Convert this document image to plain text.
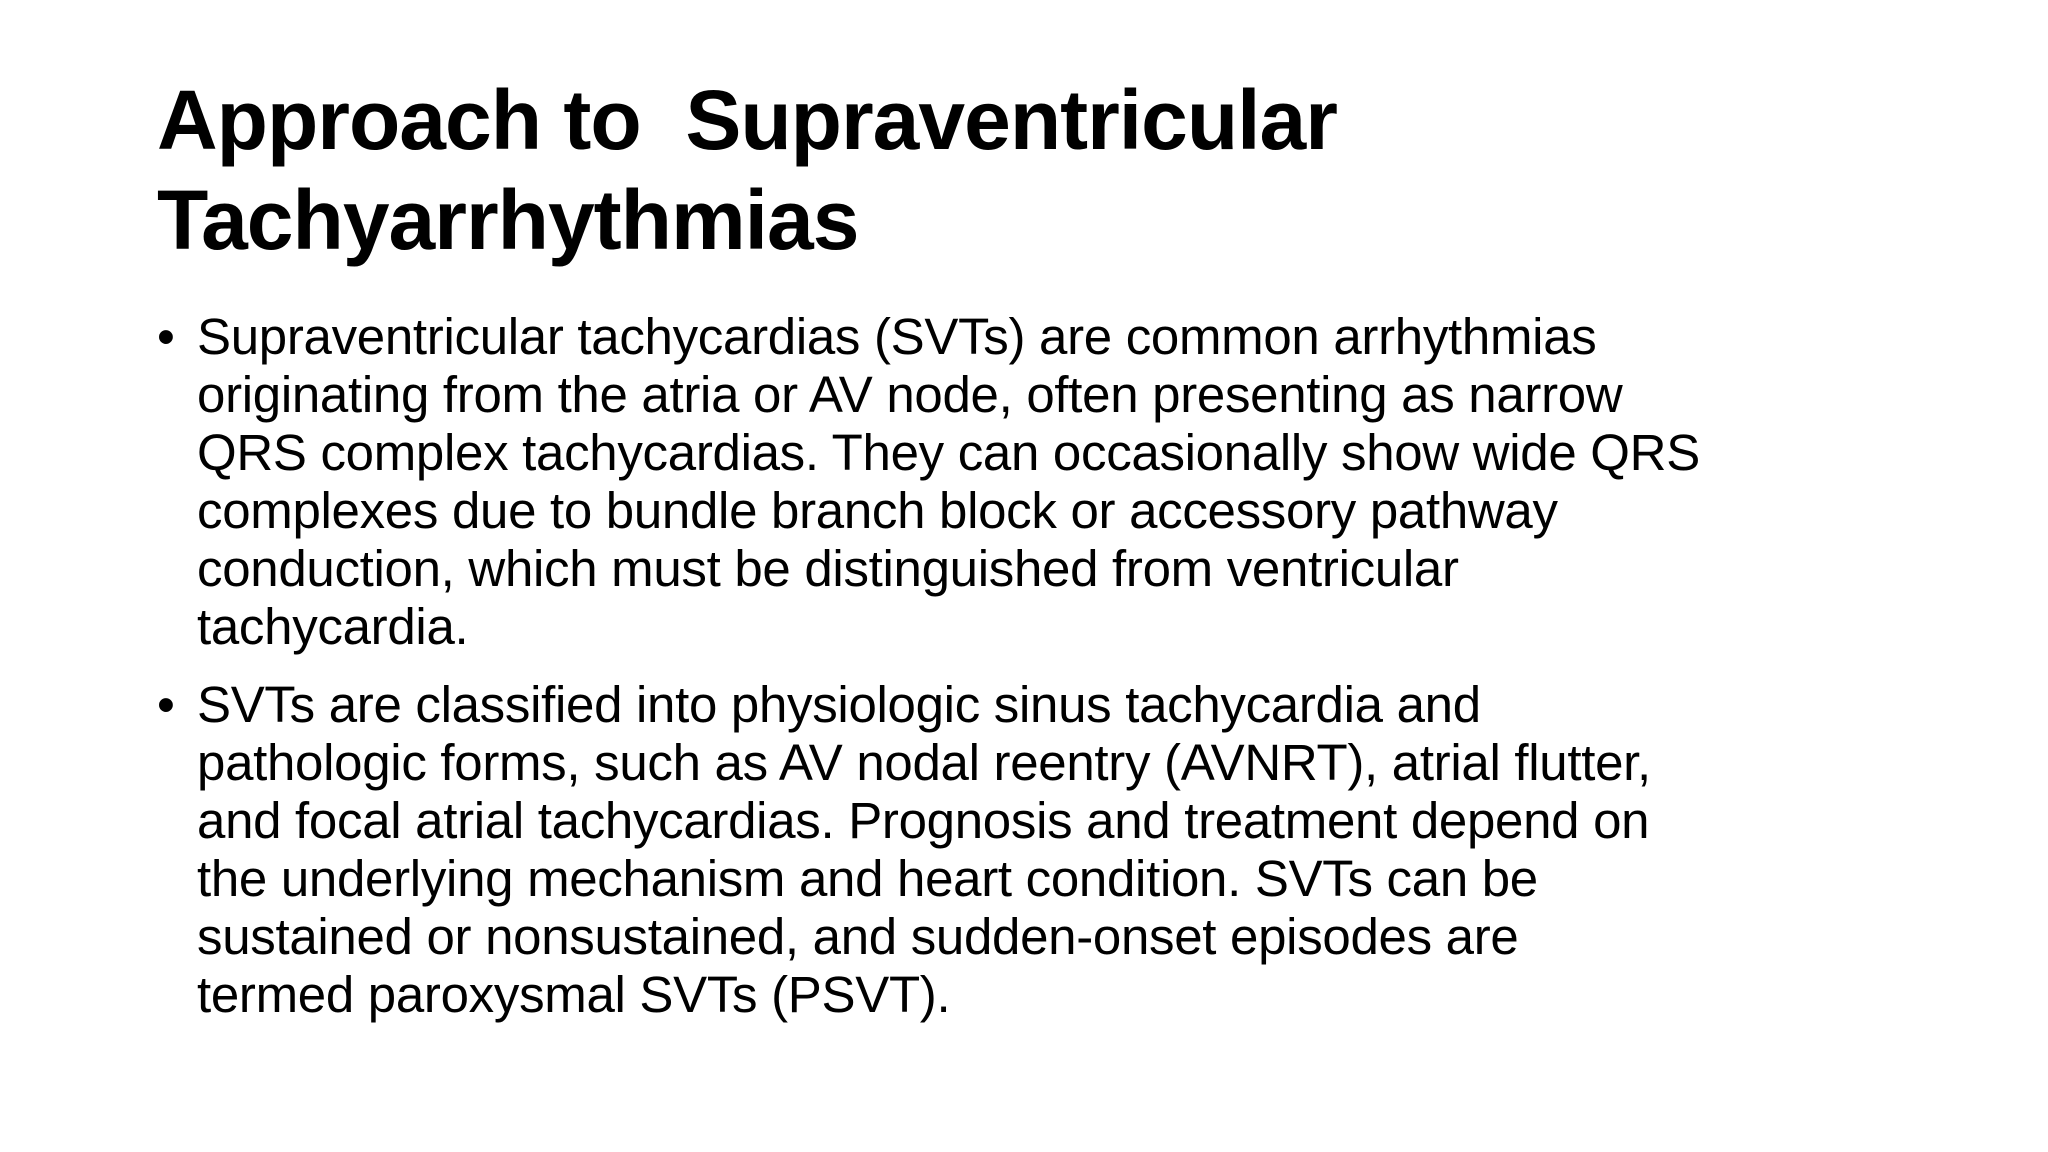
Approach to  Supraventricular
Tachyarrhythmias
• Supraventricular tachycardias (SVTs) are common arrhythmias
originating from the atria or AV node, often presenting as narrow
QRS complex tachycardias. They can occasionally show wide QRS
complexes due to bundle branch block or accessory pathway
conduction, which must be distinguished from ventricular
tachycardia.
• SVTs are classified into physiologic sinus tachycardia and
pathologic forms, such as AV nodal reentry (AVNRT), atrial flutter,
and focal atrial tachycardias. Prognosis and treatment depend on
the underlying mechanism and heart condition. SVTs can be
sustained or nonsustained, and sudden-onset episodes are
termed paroxysmal SVTs (PSVT).
